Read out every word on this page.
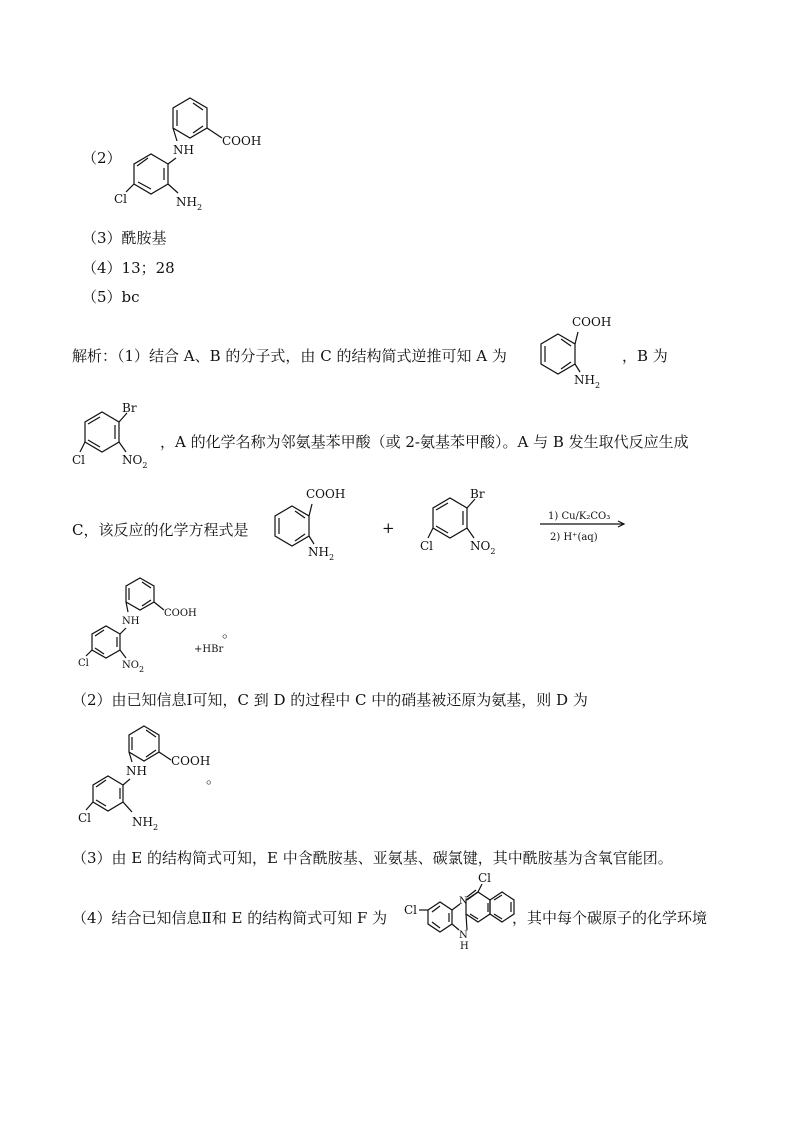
（2）
COOH
NH
Cl	$NH_2$
（3）酰胺基
（4）13；28
（5）bc
解析：（1）结合 A、B 的分子式，由 C 的结构简式逆推可知 A 为
COOH
$NH_2$
，B 为
Br
Cl	$NO_2$
，A 的化学名称为邻氨基苯甲酸（或 2-氨基苯甲酸）。A 与 B 发生取代反应生成
C，该反应的化学方程式是
COOH
$NH_2$
+
Br
Cl	$NO_2$
1) Cu/K₂CO₃
2) H⁺(aq)
COOH
NH
Cl	$NO_2$
+HBr
。
（2）由已知信息Ⅰ可知，C 到 D 的过程中 C 中的硝基被还原为氨基，则 D 为
COOH
NH
Cl	$NH_2$
。
（3）由 E 的结构简式可知，E 中含酰胺基、亚氨基、碳氯键，其中酰胺基为含氧官能团。
（4）结合已知信息Ⅱ和 E 的结构简式可知 F 为 Cl
N
Cl
N
H
，其中每个碳原子的化学环境
